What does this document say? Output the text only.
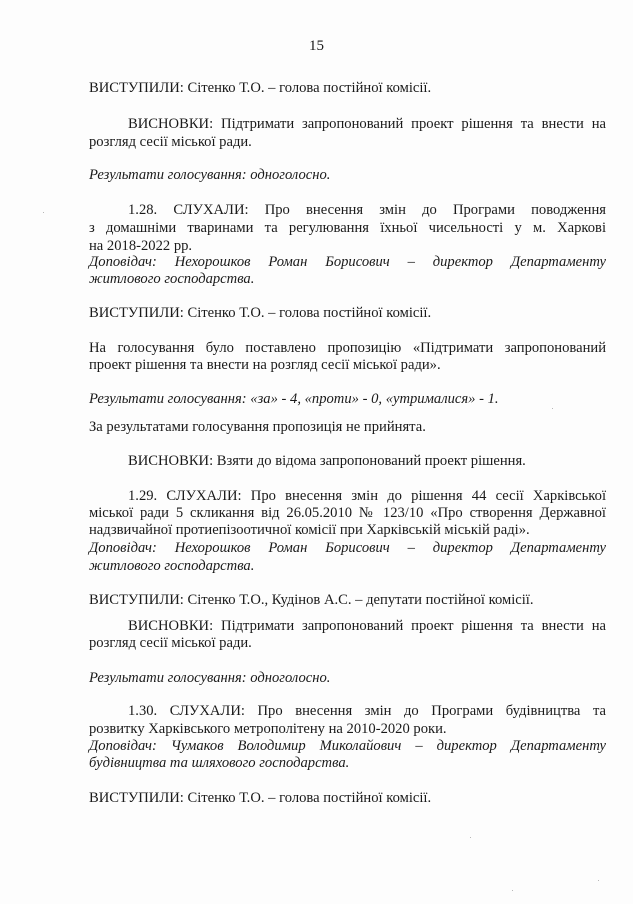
15

ВИСТУПИЛИ: Сітенко Т.О. – голова постійної комісії.

ВИСНОВКИ: Підтримати запропонований проект рішення та внести на

розгляд сесії міської ради.

Результати голосування: одноголосно.

1.28. СЛУХАЛИ: Про внесення змін до Програми поводження

з домашніми тваринами та регулювання їхньої чисельності у м. Харкові

на 2018-2022 рр.

Доповідач: Нехорошков Роман Борисович – директор Департаменту

житлового господарства.

ВИСТУПИЛИ: Сітенко Т.О. – голова постійної комісії.

На голосування було поставлено пропозицію «Підтримати запропонований

проект рішення та внести на розгляд сесії міської ради».

Результати голосування: «за» - 4, «проти» - 0, «утрималися» - 1.

За результатами голосування пропозиція не прийнята.

ВИСНОВКИ: Взяти до відома запропонований проект рішення.

1.29. СЛУХАЛИ: Про внесення змін до рішення 44 сесії Харківської

міської ради 5 скликання від 26.05.2010 № 123/10 «Про створення Державної

надзвичайної протиепізоотичної комісії при Харківській міській раді».

Доповідач: Нехорошков Роман Борисович – директор Департаменту

житлового господарства.

ВИСТУПИЛИ: Сітенко Т.О., Кудінов А.С. – депутати постійної комісії.

ВИСНОВКИ: Підтримати запропонований проект рішення та внести на

розгляд сесії міської ради.

Результати голосування: одноголосно.

1.30. СЛУХАЛИ: Про внесення змін до Програми будівництва та

розвитку Харківського метрополітену на 2010-2020 роки.

Доповідач: Чумаков Володимир Миколайович – директор Департаменту

будівництва та шляхового господарства.

ВИСТУПИЛИ: Сітенко Т.О. – голова постійної комісії.
